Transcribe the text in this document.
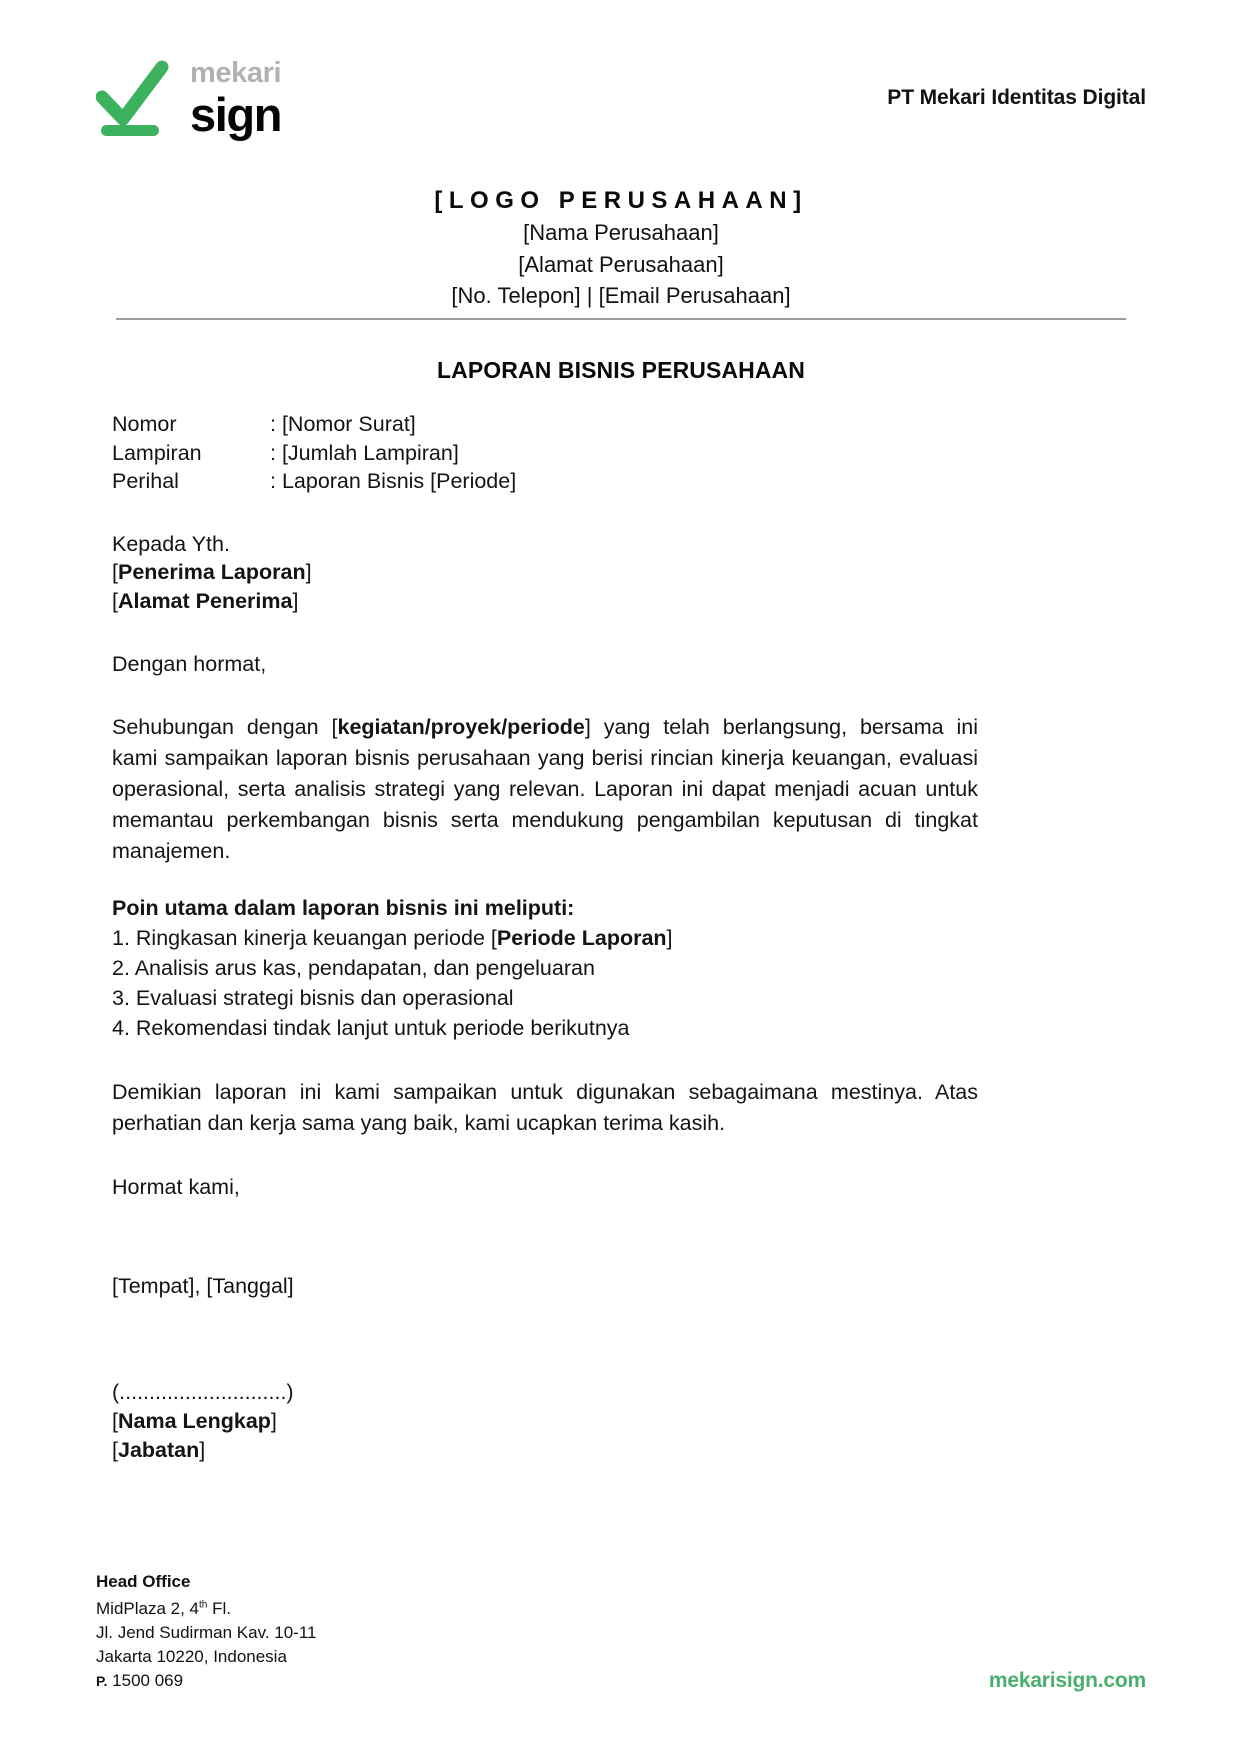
mekari
sign	PT Mekari Identitas Digital
[LOGO PERUSAHAAN]
[Nama Perusahaan]
[Alamat Perusahaan]
[No. Telepon] | [Email Perusahaan]
LAPORAN BISNIS PERUSAHAAN
Nomor	: [Nomor Surat]
Lampiran	: [Jumlah Lampiran]
Perihal	: Laporan Bisnis [Periode]
Kepada Yth.
[Penerima Laporan]
[Alamat Penerima]
Dengan hormat,

Sehubungan dengan [kegiatan/proyek/periode] yang telah berlangsung, bersama ini kami sampaikan laporan bisnis perusahaan yang berisi rincian kinerja keuangan, evaluasi operasional, serta analisis strategi yang relevan. Laporan ini dapat menjadi acuan untuk memantau perkembangan bisnis serta mendukung pengambilan keputusan di tingkat manajemen.

Poin utama dalam laporan bisnis ini meliputi:
1. Ringkasan kinerja keuangan periode [Periode Laporan]
2. Analisis arus kas, pendapatan, dan pengeluaran
3. Evaluasi strategi bisnis dan operasional
4. Rekomendasi tindak lanjut untuk periode berikutnya

Demikian laporan ini kami sampaikan untuk digunakan sebagaimana mestinya. Atas perhatian dan kerja sama yang baik, kami ucapkan terima kasih.

Hormat kami,
[Tempat], [Tanggal]
(............................)
[Nama Lengkap]
[Jabatan]
Head Office
MidPlaza 2, 4th Fl.
Jl. Jend Sudirman Kav. 10-11
Jakarta 10220, Indonesia
P. 1500 069	mekarisign.com
